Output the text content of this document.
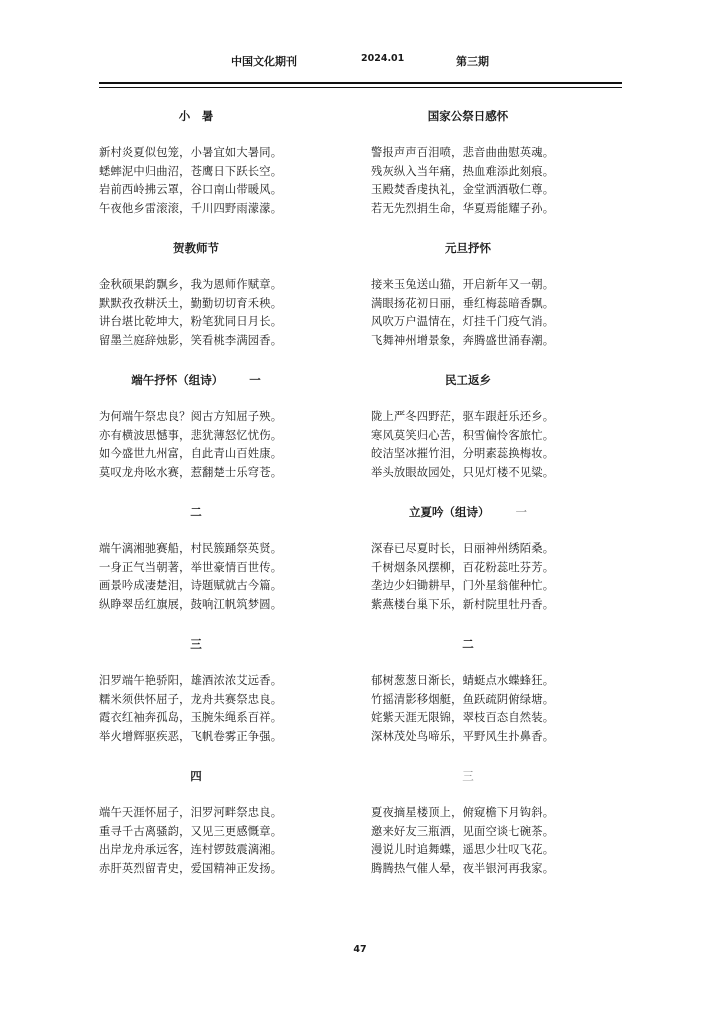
中国文化期刊	2024.01	第三期
小　暑
新村炎夏似包笼，小暑宜如大暑同。
蟋蟀泥中归曲沼，苍鹰日下跃长空。
岩前西岭拂云罩，谷口南山带暖风。
午夜他乡雷滚滚，千川四野雨濛濛。
贺教师节
金秋硕果韵飘乡，我为恩师作赋章。
默默孜孜耕沃土，勤勤切切育禾秧。
讲台堪比乾坤大，粉笔犹同日月长。
留墨兰庭辞烛影，笑看桃李满园香。
端午抒怀（组诗） 一
为何端午祭忠良？阅古方知屈子殃。
亦有横波思憾事，悲犹薄怒忆忧伤。
如今盛世九州富，自此青山百姓康。
莫叹龙舟吆水赛，惹翻楚士乐穹苍。
二
端午漓湘驰赛船，村民簇踊祭英贤。
一身正气当朝著，举世豪情百世传。
画景吟成凄楚泪，诗题赋就古今篇。
纵睁翠岳红旗展，鼓响江帆筑梦圆。
三
汨罗端午艳骄阳，雄酒浓浓艾远香。
糯米须供怀屈子，龙舟共赛祭忠良。
霞衣红袖奔孤岛，玉腕朱绳系百祥。
举火增辉驱疾恶，飞帆卷雾正争强。
四
端午天涯怀屈子，汨罗河畔祭忠良。
重寻千古离骚韵，又见三更感慨章。
出岸龙舟承远客，连村锣鼓震漓湘。
赤肝英烈留青史，爱国精神正发扬。
国家公祭日感怀
警报声声百泪喷，悲音曲曲慰英魂。
残灰纵入当年痛，热血难添此刻痕。
玉殿焚香虔执礼，金堂洒酒敬仁尊。
若无先烈捐生命，华夏焉能耀子孙。
元旦抒怀
接来玉兔送山猫，开启新年又一朝。
满眼扬花初日丽，垂红梅蕊暗香飘。
风吹万户温情在，灯挂千门疫气消。
飞舞神州增景象，奔腾盛世涌春潮。
民工返乡
陇上严冬四野茫，驱车跟赶乐还乡。
寒风莫笑归心苦，积雪偏怜客旅忙。
皎洁坚冰摧竹泪，分明素蕊换梅妆。
举头放眼故园处，只见灯楼不见粱。
立夏吟（组诗） 一
深春已尽夏时长，日丽神州绣陌桑。
千树烟条风摆柳，百花粉蕊吐芬芳。
垄边少妇锄耕早，门外星翁催种忙。
紫燕楼台巢下乐，新村院里牡丹香。
二
郁树葱葱日渐长，蜻蜓点水蝶蜂狂。
竹摇清影移烟艇，鱼跃疏阴俯绿塘。
姹紫天涯无限锦，翠枝百态自然装。
深林茂处鸟啼乐，平野风生扑鼻香。
三
夏夜摘星楼顶上，俯窥檐下月钩斜。
邀来好友三瓶酒，见面空谈七碗茶。
漫说儿时追舞蝶，遥思少壮叹飞花。
腾腾热气催人晕，夜半银河再我家。
47
